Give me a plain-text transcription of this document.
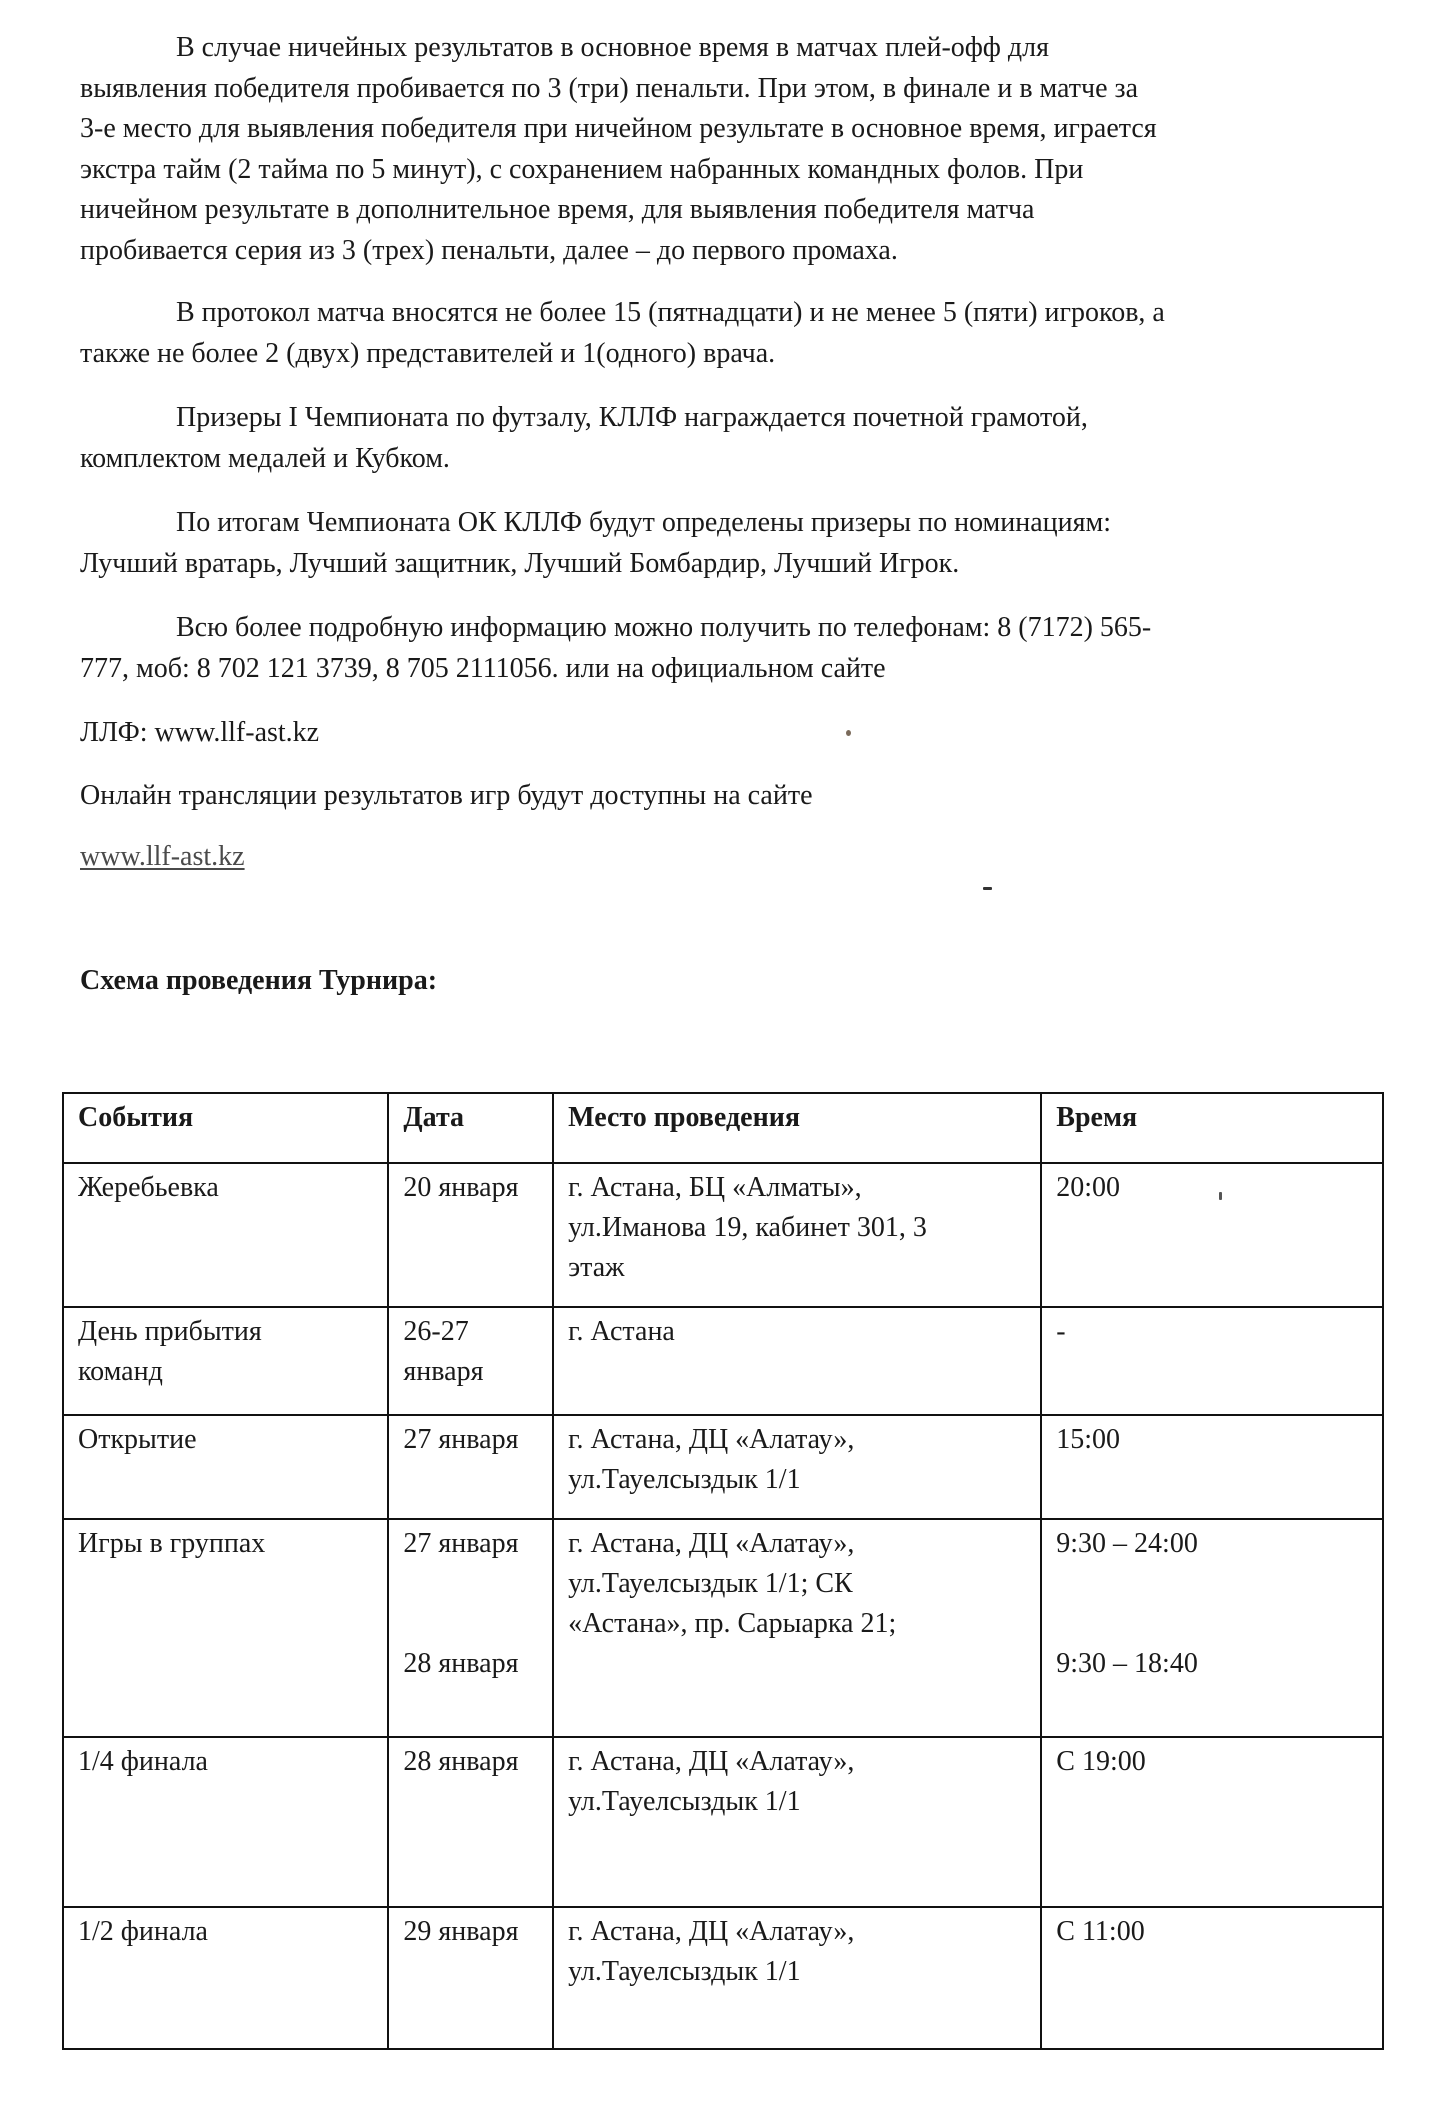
В случае ничейных результатов в основное время в матчах плей-офф для
выявления победителя пробивается по 3 (три) пенальти. При этом, в финале и в матче за
3-е место для выявления победителя при ничейном результате в основное время, играется
экстра тайм (2 тайма по 5 минут), с сохранением набранных командных фолов. При
ничейном результате в дополнительное время, для выявления победителя матча
пробивается серия из 3 (трех) пенальти, далее – до первого промаха.

В протокол матча вносятся не более 15 (пятнадцати) и не менее 5 (пяти) игроков, а
также не более 2 (двух) представителей и 1(одного) врача.

Призеры I Чемпионата по футзалу, КЛЛФ награждается почетной грамотой,
комплектом медалей и Кубком.

По итогам Чемпионата ОК КЛЛФ будут определены призеры по номинациям:
Лучший вратарь, Лучший защитник, Лучший Бомбардир, Лучший Игрок.

Всю более подробную информацию можно получить по телефонам: 8 (7172) 565-
777, моб: 8 702 121 3739, 8 705 2111056. или на официальном сайте

ЛЛФ: www.llf-ast.kz

Онлайн трансляции результатов игр будут доступны на сайте

www.llf-ast.kz

Схема проведения Турнира:

События	Дата	Место проведения	Время

Жеребьевка	20 января	г. Астана, БЦ «Алматы»,
ул.Иманова 19, кабинет 301, 3
этаж	20:00

День прибытия
команд	26-27
января	г. Астана	-

Открытие	27 января	г. Астана, ДЦ «Алатау»,
ул.Тауелсыздык 1/1	15:00

Игры в группах	27 января
28 января	г. Астана, ДЦ «Алатау»,
ул.Тауелсыздык 1/1; СК
«Астана», пр. Сарыарка 21;	9:30 – 24:00
9:30 – 18:40

1/4 финала	28 января	г. Астана, ДЦ «Алатау»,
ул.Тауелсыздык 1/1	С 19:00

1/2 финала	29 января	г. Астана, ДЦ «Алатау»,
ул.Тауелсыздык 1/1	С 11:00
